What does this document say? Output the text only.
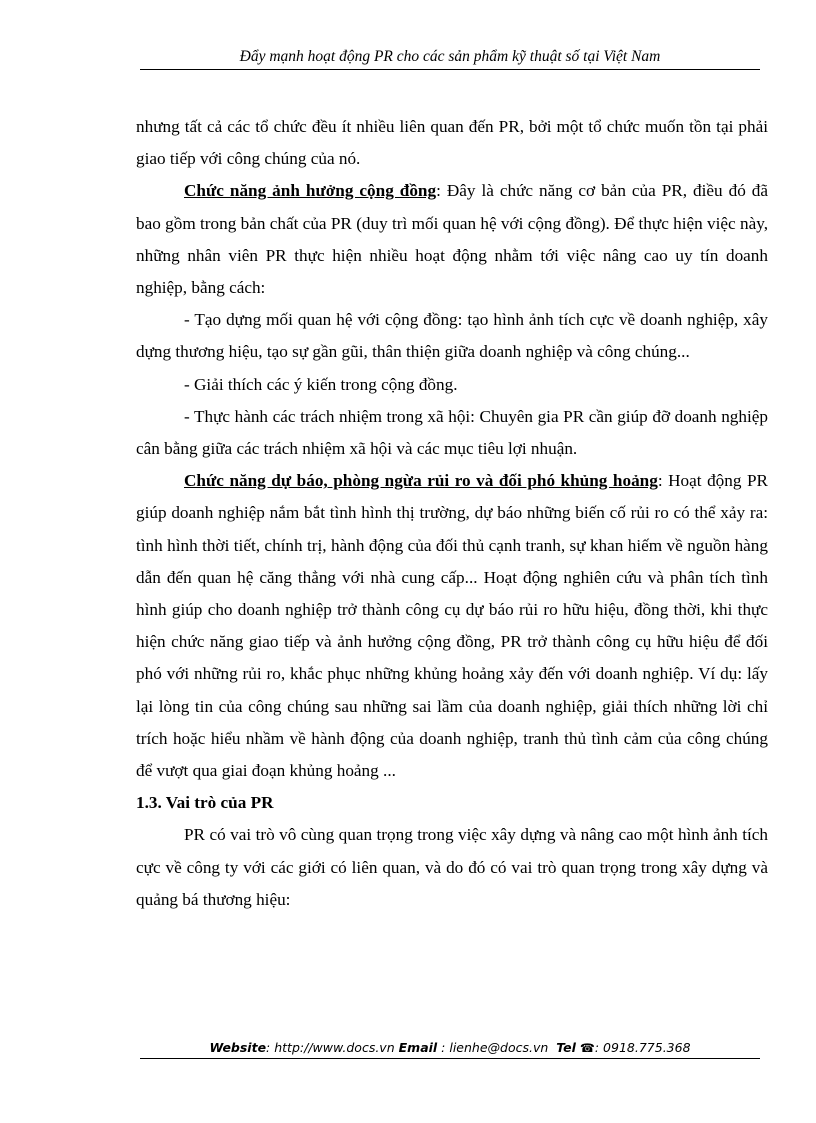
Đẩy mạnh hoạt động PR cho các sản phẩm kỹ thuật số tại Việt Nam

nhưng tất cả các tổ chức đều ít nhiều liên quan đến PR, bởi một tổ chức muốn tồn tại phải giao tiếp với công chúng của nó.

Chức năng ảnh hưởng cộng đồng: Đây là chức năng cơ bản của PR, điều đó đã bao gồm trong bản chất của PR (duy trì mối quan hệ với cộng đồng). Để thực hiện việc này, những nhân viên PR thực hiện nhiều hoạt động nhằm tới việc nâng cao uy tín doanh nghiệp, bằng cách:

- Tạo dựng mối quan hệ với cộng đồng: tạo hình ảnh tích cực về doanh nghiệp, xây dựng thương hiệu, tạo sự gần gũi, thân thiện giữa doanh nghiệp và công chúng...

- Giải thích các ý kiến trong cộng đồng.

- Thực hành các trách nhiệm trong xã hội: Chuyên gia PR cần giúp đỡ doanh nghiệp cân bằng giữa các trách nhiệm xã hội và các mục tiêu lợi nhuận.

Chức năng dự báo, phòng ngừa rủi ro và đối phó khủng hoảng: Hoạt động PR giúp doanh nghiệp nắm bắt tình hình thị trường, dự báo những biến cố rủi ro có thể xảy ra: tình hình thời tiết, chính trị, hành động của đối thủ cạnh tranh, sự khan hiếm về nguồn hàng dẫn đến quan hệ căng thẳng với nhà cung cấp... Hoạt động nghiên cứu và phân tích tình hình giúp cho doanh nghiệp trở thành công cụ dự báo rủi ro hữu hiệu, đồng thời, khi thực hiện chức năng giao tiếp và ảnh hưởng cộng đồng, PR trở thành công cụ hữu hiệu để đối phó với những rủi ro, khắc phục những khủng hoảng xảy đến với doanh nghiệp. Ví dụ: lấy lại lòng tin của công chúng sau những sai lầm của doanh nghiệp, giải thích những lời chỉ trích hoặc hiểu nhầm về hành động của doanh nghiệp, tranh thủ tình cảm của công chúng để vượt qua giai đoạn khủng hoảng ...

1.3. Vai trò của PR

PR có vai trò vô cùng quan trọng trong việc xây dựng và nâng cao một hình ảnh tích cực về công ty với các giới có liên quan, và do đó có vai trò quan trọng trong xây dựng và quảng bá thương hiệu:

Website: http://www.docs.vn Email : lienhe@docs.vn Tel ☎: 0918.775.368
